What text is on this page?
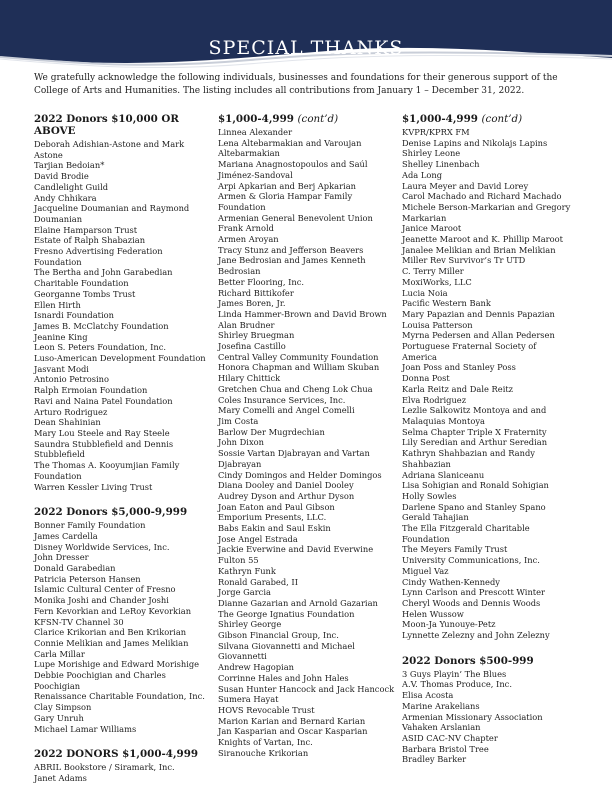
SPECIAL THANKS
We gratefully acknowledge the following individuals, businesses and foundations for their generous support of the College of Arts and Humanities. The listing includes all contributions from January 1 – December 31, 2022.
2022 Donors $10,000 OR ABOVE
Deborah Adishian-Astone and Mark
Astone
Tarjian Bedoian*
David Brodie
Candlelight Guild
Andy Chhikara
Jacqueline Doumanian and Raymond
Doumanian
Elaine Hamparson Trust
Estate of Ralph Shabazian
Fresno Advertising Federation Foundation
The Bertha and John Garabedian
Charitable Foundation
Georganne Tombs Trust
Ellen Hirth
Isnardi Foundation
James B. McClatchy Foundation
Jeanine King
Leon S. Peters Foundation, Inc.
Luso-American Development Foundation
Jasvant Modi
Antonio Petrosino
Ralph Ermoian Foundation
Ravi and Naina Patel Foundation
Arturo Rodriguez
Dean Shahinian
Mary Lou Steele and Ray Steele
Saundra Stubblefield and Dennis
Stubblefield
The Thomas A. Kooyumjian Family
Foundation
Warren Kessler Living Trust
2022 Donors $5,000-9,999
Bonner Family Foundation
James Cardella
Disney Worldwide Services, Inc.
John Dresser
Donald Garabedian
Patricia Peterson Hansen
Islamic Cultural Center of Fresno
Monika Joshi and Chander Joshi
Fern Kevorkian and LeRoy Kevorkian
KFSN-TV Channel 30
Clarice Krikorian and Ben Krikorian
Connie Melikian and James Melikian
Carla Millar
Lupe Morishige and Edward Morishige
Debbie Poochigian and Charles Poochigian
Renaissance Charitable Foundation, Inc.
Clay Simpson
Gary Unruh
Michael Lamar Williams
2022 DONORS $1,000-4,999
ABRIL Bookstore / Siramark, Inc.
Janet Adams
$1,000-4,999 (cont’d)
Linnea Alexander
Lena Altebarmakian and Varoujan
Altebarmakian
Mariana Anagnostopoulos and Saúl
Jiménez-Sandoval
Arpi Apkarian and Berj Apkarian
Armen & Gloria Hampar Family
Foundation
Armenian General Benevolent Union
Frank Arnold
Armen Aroyan
Tracy Stunz and Jefferson Beavers
Jane Bedrosian and James Kenneth
Bedrosian
Better Flooring, Inc.
Richard Bittikofer
James Boren, Jr.
Linda Hammer-Brown and David Brown
Alan Brudner
Shirley Bruegman
Josefina Castillo
Central Valley Community Foundation
Honora Chapman and William Skuban
Hilary Chittick
Gretchen Chua and Cheng Lok Chua
Coles Insurance Services, Inc.
Mary Comelli and Angel Comelli
Jim Costa
Barlow Der Mugrdechian
John Dixon
Sossie Vartan Djabrayan and Vartan
Djabrayan
Cindy Domingos and Helder Domingos
Diana Dooley and Daniel Dooley
Audrey Dyson and Arthur Dyson
Joan Eaton and Paul Gibson
Emporium Presents, LLC.
Babs Eakin and Saul Eskin
Jose Angel Estrada
Jackie Everwine and David Everwine
Fulton 55
Kathryn Funk
Ronald Garabed, II
Jorge Garcia
Dianne Gazarian and Arnold Gazarian
The George Ignatius Foundation
Shirley George
Gibson Financial Group, Inc.
Silvana Giovannetti and Michael
Giovannetti
Andrew Hagopian
Corrinne Hales and John Hales
Susan Hunter Hancock and Jack Hancock
Sumera Hayat
HOVS Revocable Trust
Marion Karian and Bernard Karian
Jan Kasparian and Oscar Kasparian
Knights of Vartan, Inc.
Siranouche Krikorian
$1,000-4,999 (cont’d)
KVPR/KPRX FM
Denise Lapins and Nikolajs Lapins
Shirley Leone
Shelley Linenbach
Ada Long
Laura Meyer and David Lorey
Carol Machado and Richard Machado
Michele Berson-Markarian and Gregory
Markarian
Janice Maroot
Jeanette Maroot and K. Phillip Maroot
Janalee Melikian and Brian Melikian
Miller Rev Survivor’s Tr UTD
C. Terry Miller
MoxiWorks, LLC
Lucia Noia
Pacific Western Bank
Mary Papazian and Dennis Papazian
Louisa Patterson
Myrna Pedersen and Allan Pedersen
Portuguese Fraternal Society of
America
Joan Poss and Stanley Poss
Donna Post
Karla Reitz and Dale Reitz
Elva Rodriguez
Lezlie Salkowitz Montoya and and
Malaquias Montoya
Selma Chapter Triple X Fraternity
Lily Seredian and Arthur Seredian
Kathryn Shahbazian and Randy
Shahbazian
Adriana Slaniceanu
Lisa Sohigian and Ronald Sohigian
Holly Sowles
Darlene Spano and Stanley Spano
Gerald Tahajian
The Ella Fitzgerald Charitable
Foundation
The Meyers Family Trust
University Communications, Inc.
Miguel Vaz
Cindy Wathen-Kennedy
Lynn Carlson and Prescott Winter
Cheryl Woods and Dennis Woods
Helen Wussow
Moon-Ja Yunouye-Petz
Lynnette Zelezny and John Zelezny
2022 Donors $500-999
3 Guys Playin’ The Blues
A.V. Thomas Produce, Inc.
Elisa Acosta
Marine Arakelians
Armenian Missionary Association
Vahaken Arslanian
ASID CAC-NV Chapter
Barbara Bristol Tree
Bradley Barker
